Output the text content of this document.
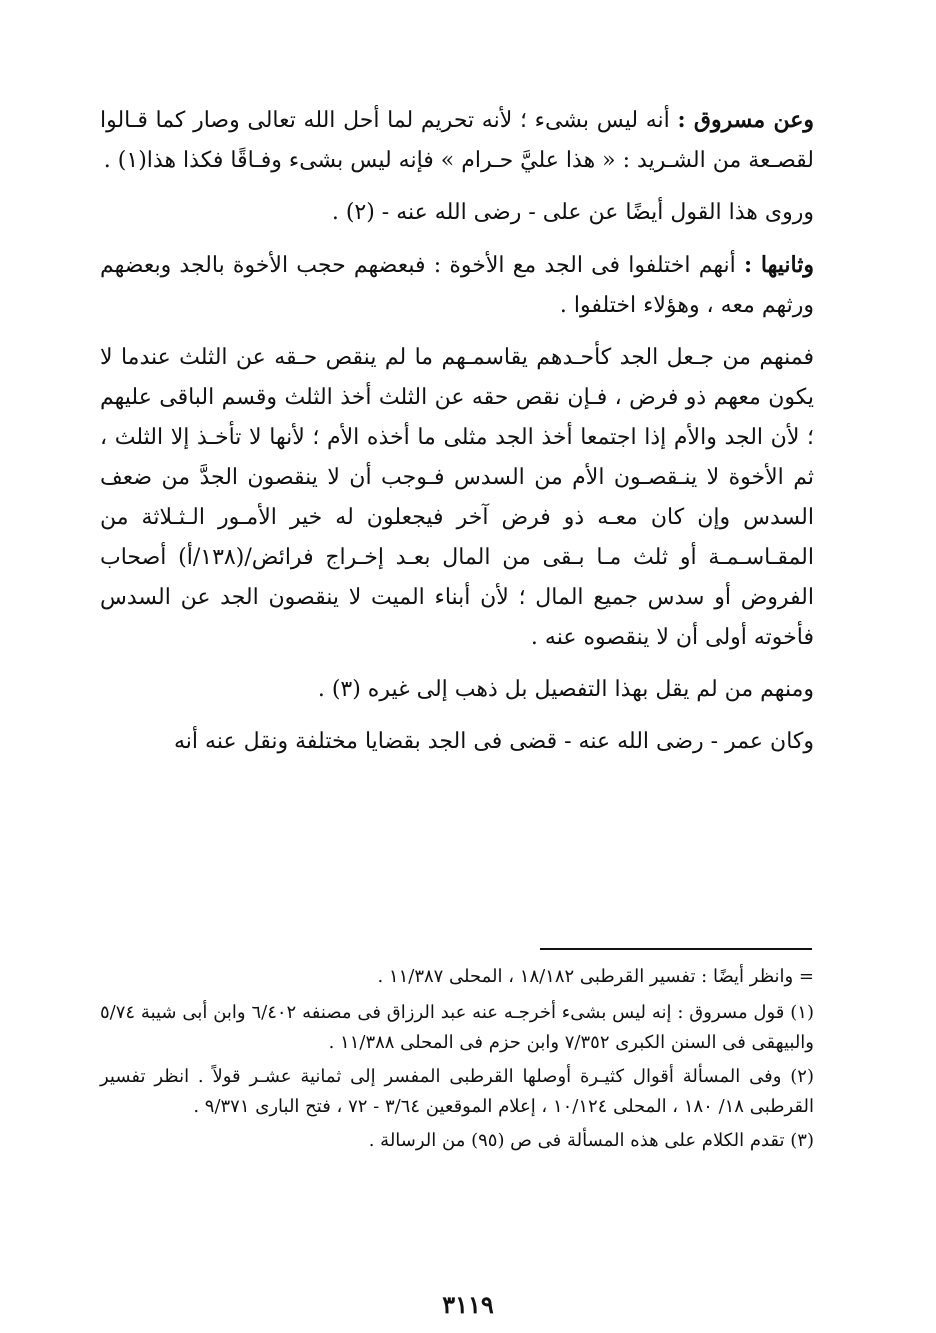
وعن مسروق : أنه ليس بشىء ؛ لأنه تحريم لما أحل الله تعالى وصار كما قـالوا لقصـعة من الشـريد : « هذا عليَّ حـرام » فإنه ليس بشىء وفـاقًا فكذا هذا(١) .

وروى هذا القول أيضًا عن على - رضى الله عنه - (٢) .

وثانيها : أنهم اختلفوا فى الجد مع الأخوة : فبعضهم حجب الأخوة بالجد وبعضهم ورثهم معه ، وهؤلاء اختلفوا .

فمنهم من جـعل الجد كأحـدهم يقاسمـهم ما لم ينقص حـقه عن الثلث عندما لا يكون معهم ذو فرض ، فـإن نقص حقه عن الثلث أخذ الثلث وقسم الباقى عليهم ؛ لأن الجد والأم إذا اجتمعا أخذ الجد مثلى ما أخذه الأم ؛ لأنها لا تأخـذ إلا الثلث ، ثم الأخوة لا ينـقصـون الأم من السدس فـوجب أن لا ينقصون الجدَّ من ضعف السدس وإن كان معـه ذو فرض آخر فيجعلون له خير الأمـور الـثـلاثة من المقـاسـمـة أو ثلث مـا بـقى من المال بعـد إخـراج فرائض/(١٣٨/أ) أصحاب الفروض أو سدس جميع المال ؛ لأن أبناء الميت لا ينقصون الجد عن السدس فأخوته أولى أن لا ينقصوه عنه .

ومنهم من لم يقل بهذا التفصيل بل ذهب إلى غيره (٣) .

وكان عمر - رضى الله عنه - قضى فى الجد بقضايا مختلفة ونقل عنه أنه

= وانظر أيضًا : تفسير القرطبى ١٨/١٨٢ ، المحلى ١١/٣٨٧ .

(١) قول مسروق : إنه ليس بشىء أخرجـه عنه عبد الرزاق فى مصنفه ٦/٤٠٢ وابن أبى شيبة ٥/٧٤ والبيهقى فى السنن الكبرى ٧/٣٥٢ وابن حزم فى المحلى ١١/٣٨٨ .

(٢) وفى المسألة أقوال كثيـرة أوصلها القرطبى المفسر إلى ثمانية عشـر قولاً . انظر تفسير القرطبى ١٨/ ١٨٠ ، المحلى ١٠/١٢٤ ، إعلام الموقعين ٣/٦٤ - ٧٢ ، فتح البارى ٩/٣٧١ .

(٣) تقدم الكلام على هذه المسألة فى ص (٩٥) من الرسالة .

٣١١٩
